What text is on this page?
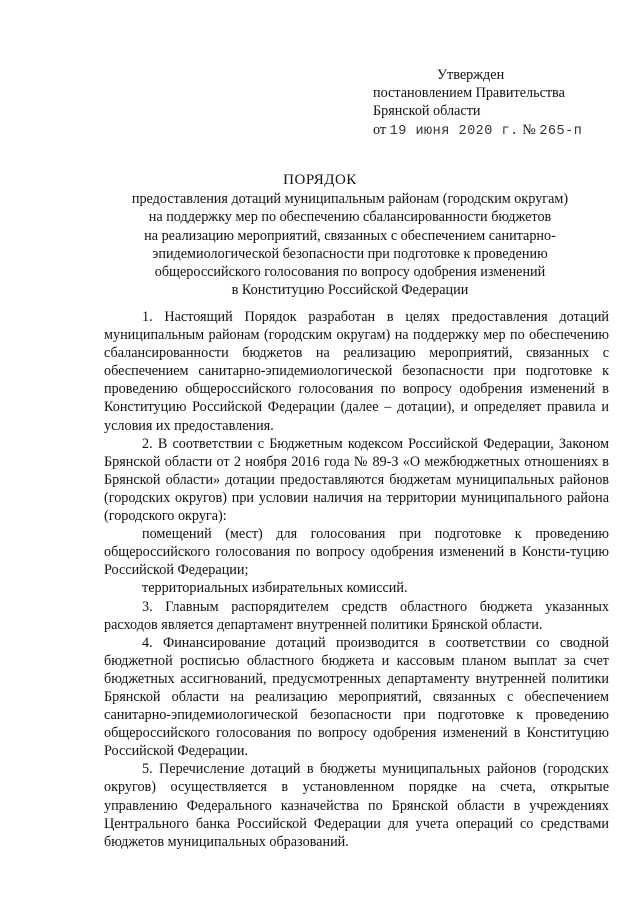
Утвержден
постановлением Правительства
Брянской области
от 19 июня 2020 г. № 265-п
ПОРЯДОК
предоставления дотаций муниципальным районам (городским округам)
на поддержку мер по обеспечению сбалансированности бюджетов
на реализацию мероприятий, связанных с обеспечением санитарно-
эпидемиологической безопасности при подготовке к проведению
общероссийского голосования по вопросу одобрения изменений
в Конституцию Российской Федерации

1. Настоящий Порядок разработан в целях предоставления дотаций муниципальным районам (городским округам) на поддержку мер по обеспечению сбалансированности бюджетов на реализацию мероприятий, связанных с обеспечением санитарно-эпидемиологической безопасности при подготовке к проведению общероссийского голосования по вопросу одобрения изменений в Конституцию Российской Федерации (далее – дотации), и определяет правила и условия их предоставления.

2. В соответствии с Бюджетным кодексом Российской Федерации, Законом Брянской области от 2 ноября 2016 года № 89-З «О межбюджетных отношениях в Брянской области» дотации предоставляются бюджетам муниципальных районов (городских округов) при условии наличия на территории муниципального района (городского округа):

помещений (мест) для голосования при подготовке к проведению общероссийского голосования по вопросу одобрения изменений в Консти-туцию Российской Федерации;

территориальных избирательных комиссий.

3. Главным распорядителем средств областного бюджета указанных расходов является департамент внутренней политики Брянской области.

4. Финансирование дотаций производится в соответствии со сводной бюджетной росписью областного бюджета и кассовым планом выплат за счет бюджетных ассигнований, предусмотренных департаменту внутренней политики Брянской области на реализацию мероприятий, связанных с обеспечением санитарно-эпидемиологической безопасности при подготовке к проведению общероссийского голосования по вопросу одобрения изменений в Конституцию Российской Федерации.

5. Перечисление дотаций в бюджеты муниципальных районов (городских округов) осуществляется в установленном порядке на счета, открытые управлению Федерального казначейства по Брянской области в учреждениях Центрального банка Российской Федерации для учета операций со средствами бюджетов муниципальных образований.
